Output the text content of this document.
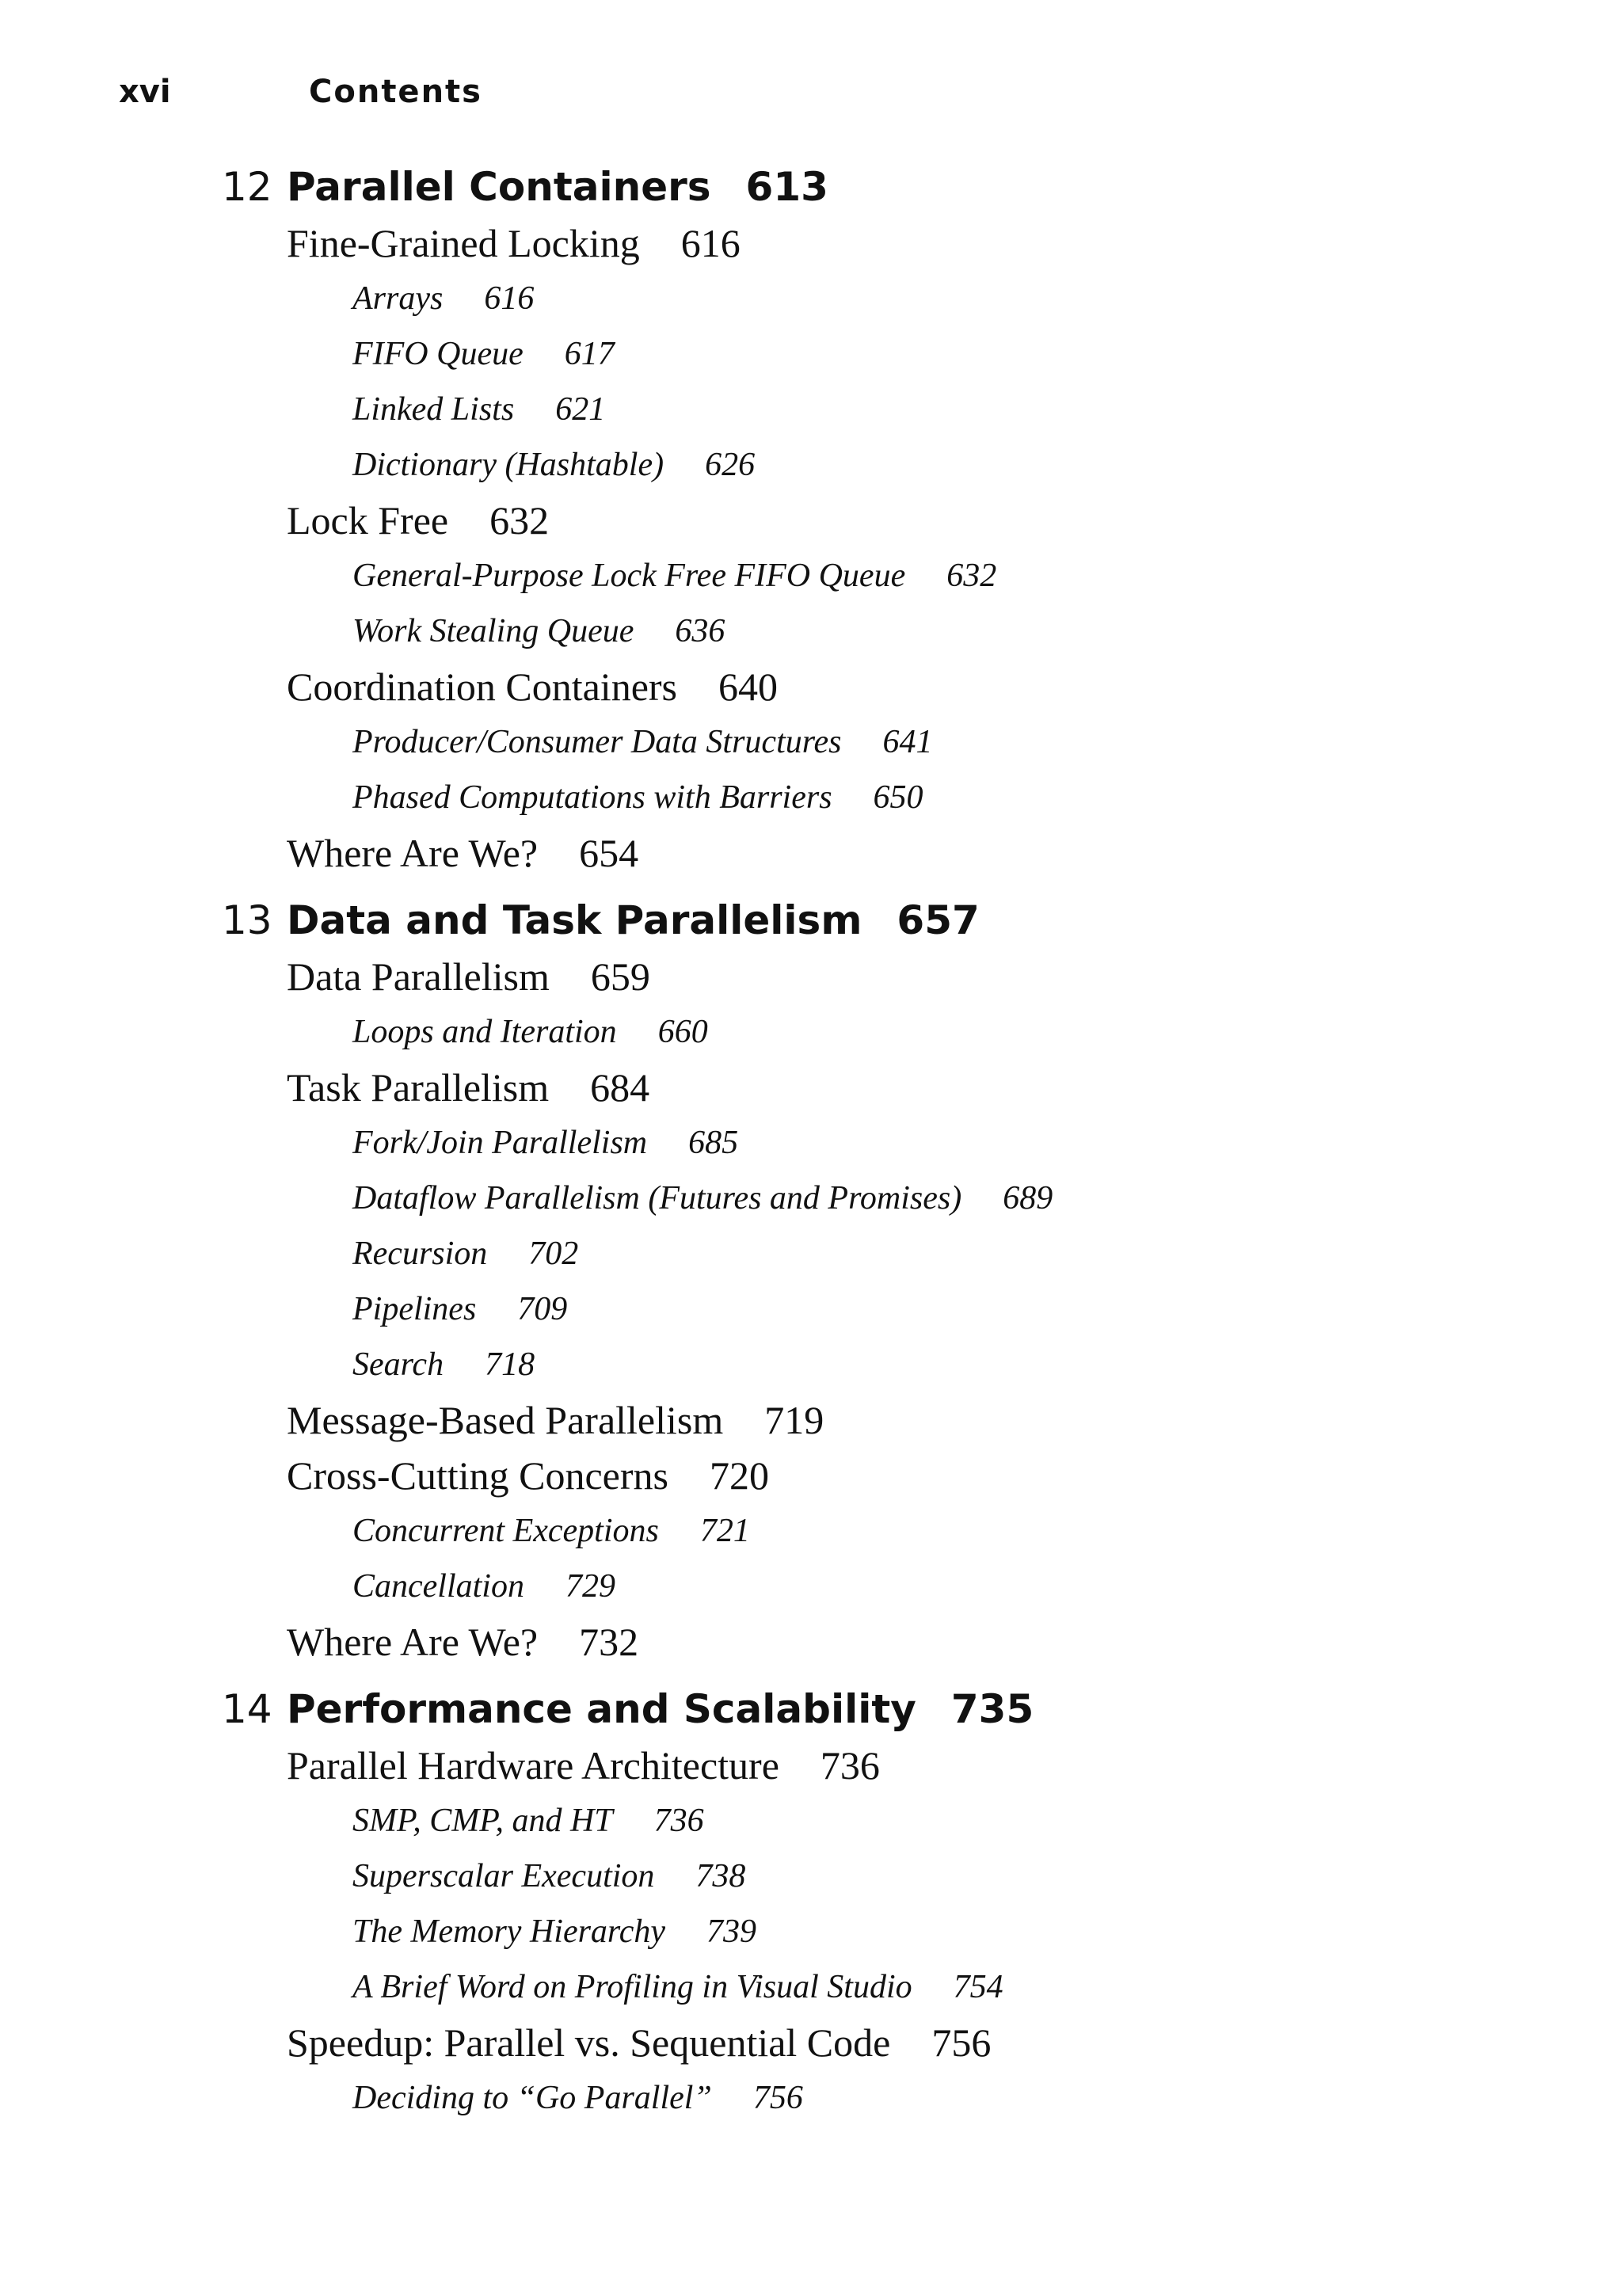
xvi	Contents
12 Parallel Containers 613
Fine-Grained Locking 616
Arrays 616
FIFO Queue 617
Linked Lists 621
Dictionary (Hashtable) 626
Lock Free 632
General-Purpose Lock Free FIFO Queue 632
Work Stealing Queue 636
Coordination Containers 640
Producer/Consumer Data Structures 641
Phased Computations with Barriers 650
Where Are We? 654
13 Data and Task Parallelism 657
Data Parallelism 659
Loops and Iteration 660
Task Parallelism 684
Fork/Join Parallelism 685
Dataflow Parallelism (Futures and Promises) 689
Recursion 702
Pipelines 709
Search 718
Message-Based Parallelism 719
Cross-Cutting Concerns 720
Concurrent Exceptions 721
Cancellation 729
Where Are We? 732
14 Performance and Scalability 735
Parallel Hardware Architecture 736
SMP, CMP, and HT 736
Superscalar Execution 738
The Memory Hierarchy 739
A Brief Word on Profiling in Visual Studio 754
Speedup: Parallel vs. Sequential Code 756
Deciding to “Go Parallel” 756
